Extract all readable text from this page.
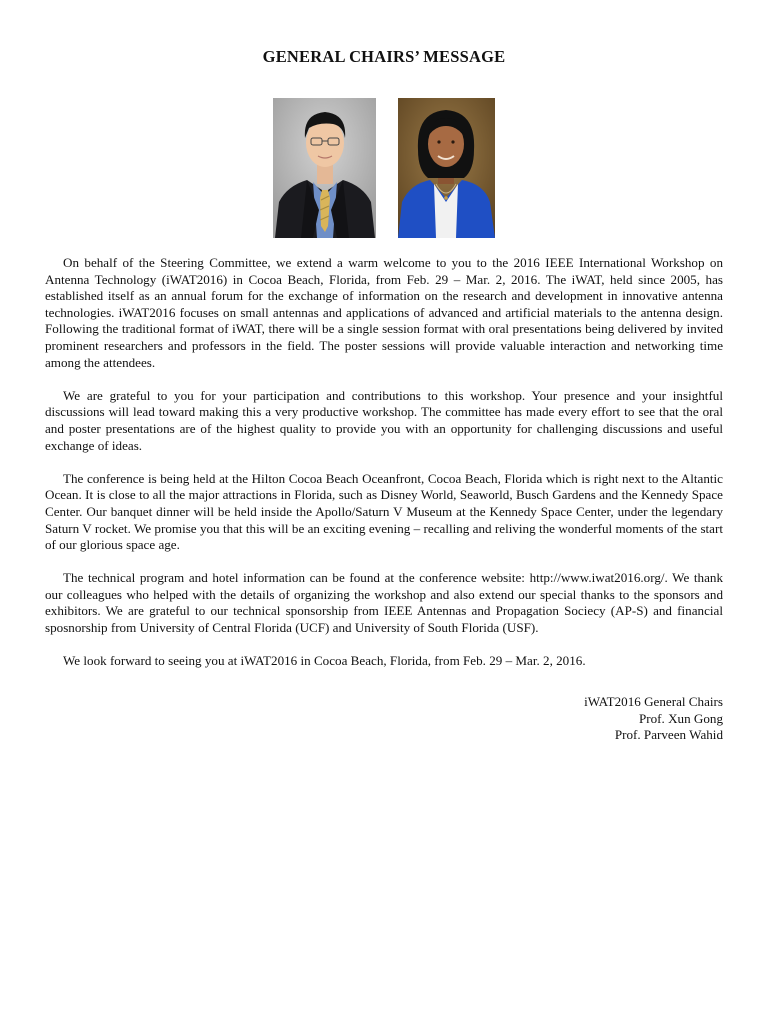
GENERAL CHAIRS’ MESSAGE

On behalf of the Steering Committee, we extend a warm welcome to you to the 2016 IEEE International Workshop on Antenna Technology (iWAT2016) in Cocoa Beach, Florida, from Feb. 29 – Mar. 2, 2016. The iWAT, held since 2005, has established itself as an annual forum for the exchange of information on the research and development in innovative antenna technologies. iWAT2016 focuses on small antennas and applications of advanced and artificial materials to the antenna design. Following the traditional format of iWAT, there will be a single session format with oral presentations being delivered by invited prominent researchers and professors in the field. The poster sessions will provide valuable interaction and networking time among the attendees.

We are grateful to you for your participation and contributions to this workshop. Your presence and your insightful discussions will lead toward making this a very productive workshop. The committee has made every effort to see that the oral and poster presentations are of the highest quality to provide you with an opportunity for challenging discussions and useful exchange of ideas.

The conference is being held at the Hilton Cocoa Beach Oceanfront, Cocoa Beach, Florida which is right next to the Altantic Ocean. It is close to all the major attractions in Florida, such as Disney World, Seaworld, Busch Gardens and the Kennedy Space Center. Our banquet dinner will be held inside the Apollo/Saturn V Museum at the Kennedy Space Center, under the legendary Saturn V rocket. We promise you that this will be an exciting evening – recalling and reliving the wonderful moments of the start of our glorious space age.

The technical program and hotel information can be found at the conference website: http://www.iwat2016.org/. We thank our colleagues who helped with the details of organizing the workshop and also extend our special thanks to the sponsors and exhibitors. We are grateful to our technical sponsorship from IEEE Antennas and Propagation Socieсy (AP-S) and financial sposnorship from University of Central Florida (UCF) and University of South Florida (USF).

We look forward to seeing you at iWAT2016 in Cocoa Beach, Florida, from Feb. 29 – Mar. 2, 2016.

iWAT2016 General Chairs
Prof. Xun Gong
Prof. Parveen Wahid
